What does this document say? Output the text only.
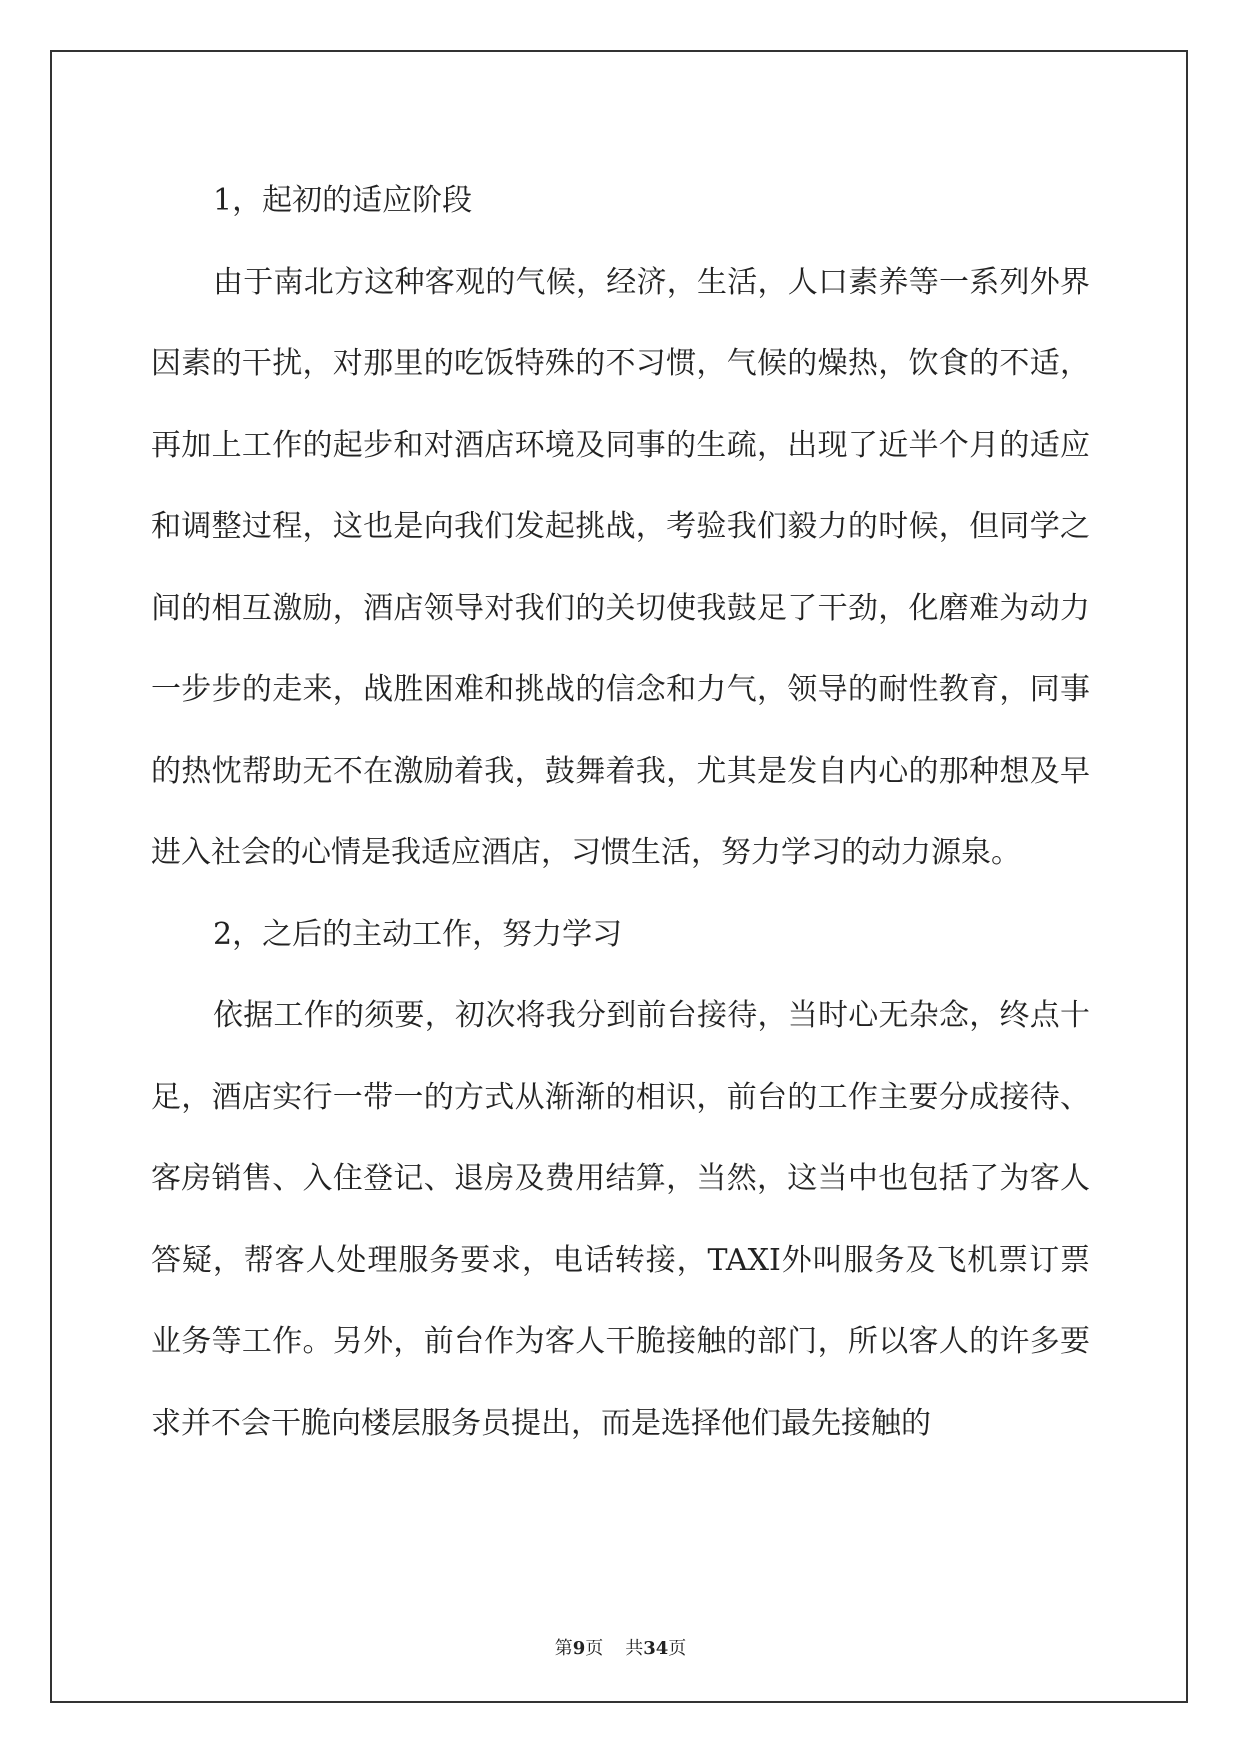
1，起初的适应阶段

由于南北方这种客观的气候，经济，生活，人口素养等一系列外界因素的干扰，对那里的吃饭特殊的不习惯，气候的燥热，饮食的不适，再加上工作的起步和对酒店环境及同事的生疏，出现了近半个月的适应和调整过程，这也是向我们发起挑战，考验我们毅力的时候，但同学之间的相互激励，酒店领导对我们的关切使我鼓足了干劲，化磨难为动力一步步的走来，战胜困难和挑战的信念和力气，领导的耐性教育，同事的热忱帮助无不在激励着我，鼓舞着我，尤其是发自内心的那种想及早进入社会的心情是我适应酒店，习惯生活，努力学习的动力源泉。

2，之后的主动工作，努力学习

依据工作的须要，初次将我分到前台接待，当时心无杂念，终点十足，酒店实行一带一的方式从渐渐的相识，前台的工作主要分成接待、客房销售、入住登记、退房及费用结算，当然，这当中也包括了为客人答疑，帮客人处理服务要求，电话转接，TAXI外叫服务及飞机票订票业务等工作。另外，前台作为客人干脆接触的部门，所以客人的许多要求并不会干脆向楼层服务员提出，而是选择他们最先接触的

第9页 共34页
